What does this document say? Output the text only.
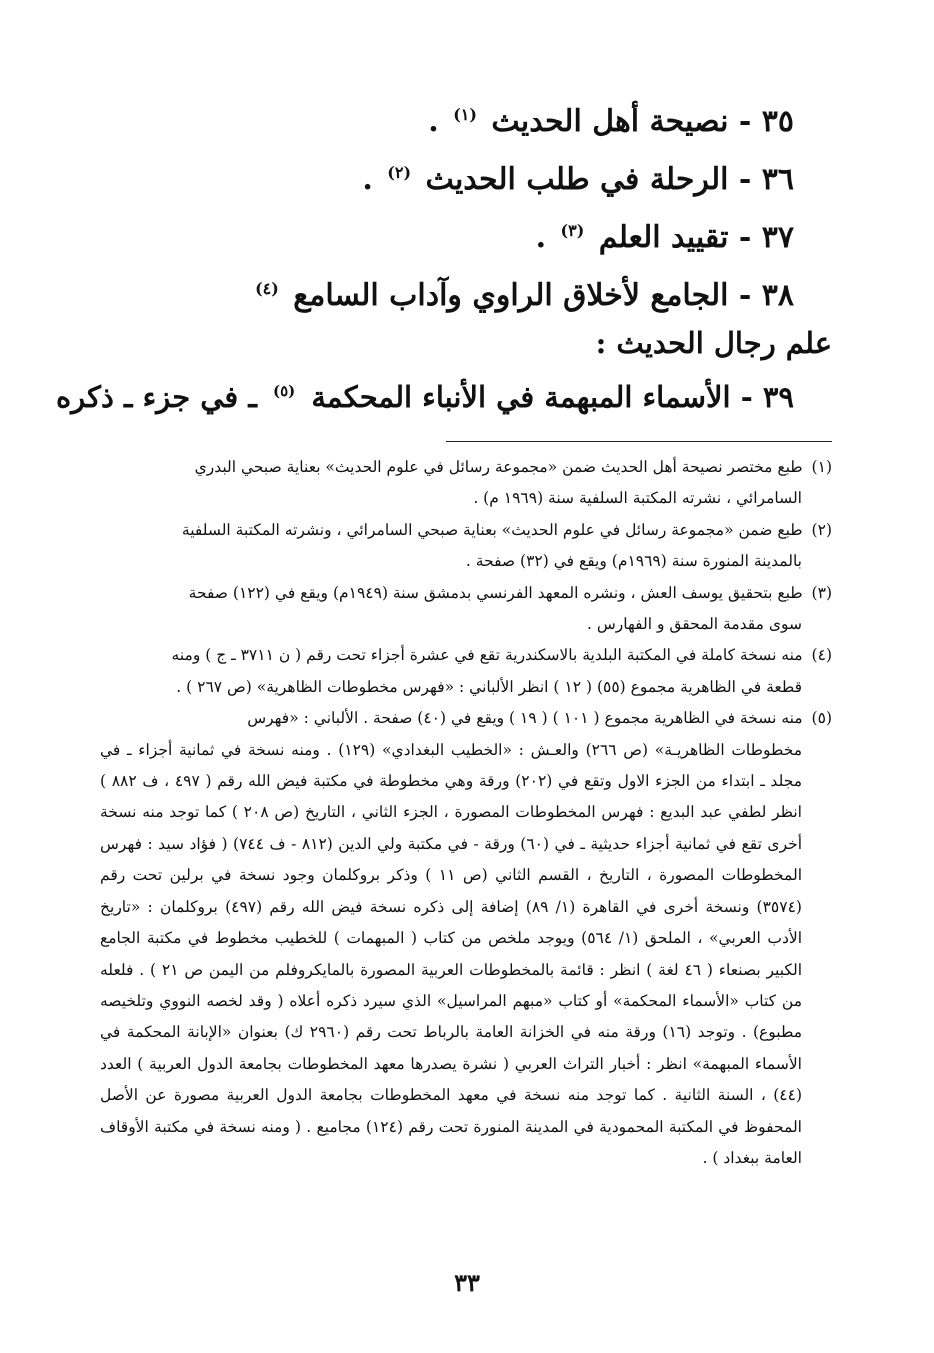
٣٥ - نصيحة أهل الحديث $^{(١)}$ .
٣٦ - الرحلة في طلب الحديث $^{(٢)}$ .
٣٧ - تقييد العلم $^{(٣)}$ .
٣٨ - الجامع لأخلاق الراوي وآداب السامع $^{(٤)}$
علم رجال الحديث :
٣٩ - الأسماء المبهمة في الأنباء المحكمة $^{(٥)}$ ـ في جزء ـ ذكره
(١) طبع مختصر نصيحة أهل الحديث ضمن «مجموعة رسائل في علوم الحديث» بعناية صبحي البدري
السامرائي ، نشرته المكتبة السلفية سنة (١٩٦٩ م) .
(٢) طبع ضمن «مجموعة رسائل في علوم الحديث» بعناية صبحي السامرائي ، ونشرته المكتبة السلفية
بالمدينة المنورة سنة (١٩٦٩م) ويقع في (٣٢) صفحة .
(٣) طبع بتحقيق يوسف العش ، ونشره المعهد الفرنسي بدمشق سنة (١٩٤٩م) ويقع في (١٢٢) صفحة
سوى مقدمة المحقق و الفهارس .
(٤) منه نسخة كاملة في المكتبة البلدية بالاسكندرية تقع في عشرة أجزاء تحت رقم ( ن ٣٧١١ ـ ج ) ومنه
قطعة في الظاهرية مجموع (٥٥) ( ١٢ ) انظر الألباني : «فهرس مخطوطات الظاهرية» (ص ٢٦٧ ) .
(٥) منه نسخة في الظاهرية مجموع ( ١٠١ ) ( ١٩ ) ويقع في (٤٠) صفحة . الألباني : «فهرس
مخطوطات الظاهريـة» (ص ٢٦٦) والعـش : «الخطيب البغدادي» (١٢٩) . ومنه نسخة في ثمانية أجزاء ـ في مجلد ـ ابتداء من الجزء الاول وتقع في (٢٠٢) ورقة وهي مخطوطة في مكتبة فيض الله رقم ( ٤٩٧ ، ف ٨٨٢ ) انظر لطفي عبد البديع : فهرس المخطوطات المصورة ، الجزء الثاني ، التاريخ (ص ٢٠٨ ) كما توجد منه نسخة أخرى تقع في ثمانية أجزاء حديثية ـ في (٦٠) ورقة - في مكتبة ولي الدين (٨١٢ - ف ٧٤٤) ( فؤاد سيد : فهرس المخطوطات المصورة ، التاريخ ، القسم الثاني (ص ١١ ) وذكر بروكلمان وجود نسخة في برلين تحت رقم (٣٥٧٤) ونسخة أخرى في القاهرة (١/ ٨٩) إضافة إلى ذكره نسخة فيض الله رقم (٤٩٧) بروكلمان : «تاريخ الأدب العربي» ، الملحق (١/ ٥٦٤) ويوجد ملخص من كتاب ( المبهمات ) للخطيب مخطوط في مكتبة الجامع الكبير بصنعاء ( ٤٦ لغة ) انظر : قائمة بالمخطوطات العربية المصورة بالمايكروفلم من اليمن ص ٢١ ) . فلعله من كتاب «الأسماء المحكمة» أو كتاب «مبهم المراسيل» الذي سيرد ذكره أعلاه ( وقد لخصه النووي وتلخيصه مطبوع) . وتوجد (١٦) ورقة منه في الخزانة العامة بالرباط تحت رقم (٢٩٦٠ ك) بعنوان «الإبانة المحكمة في الأسماء المبهمة» انظر : أخبار التراث العربي ( نشرة يصدرها معهد المخطوطات بجامعة الدول العربية ) العدد (٤٤) ، السنة الثانية . كما توجد منه نسخة في معهد المخطوطات بجامعة الدول العربية مصورة عن الأصل المحفوظ في المكتبة المحمودية في المدينة المنورة تحت رقم (١٢٤) مجاميع . ( ومنه نسخة في مكتبة الأوقاف العامة ببغداد ) .
٣٣
